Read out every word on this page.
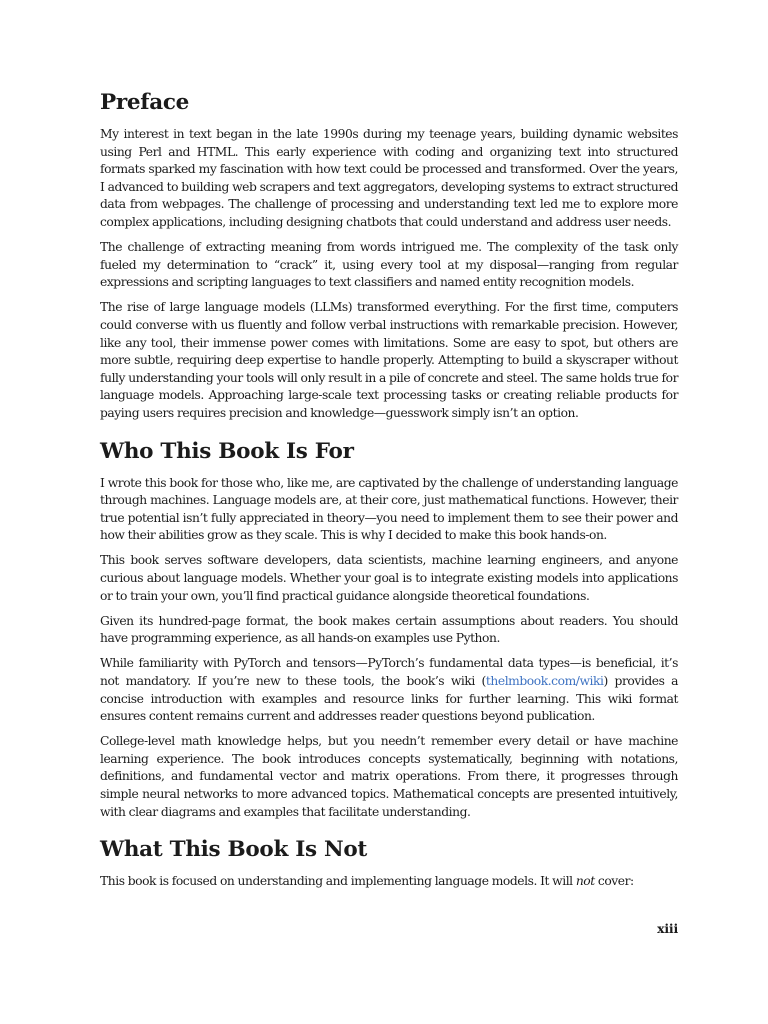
Preface

My interest in text began in the late 1990s during my teenage years, building dynamic websites using Perl and HTML. This early experience with coding and organizing text into structured formats sparked my fascination with how text could be processed and transformed. Over the years, I advanced to building web scrapers and text aggregators, developing systems to extract structured data from webpages. The challenge of processing and understanding text led me to explore more complex applications, including designing chatbots that could understand and address user needs.

The challenge of extracting meaning from words intrigued me. The complexity of the task only fueled my determination to “crack” it, using every tool at my disposal—ranging from regular expressions and scripting languages to text classifiers and named entity recognition models.

The rise of large language models (LLMs) transformed everything. For the first time, computers could converse with us fluently and follow verbal instructions with remarkable precision. However, like any tool, their immense power comes with limitations. Some are easy to spot, but others are more subtle, requiring deep expertise to handle properly. Attempting to build a skyscraper without fully understanding your tools will only result in a pile of concrete and steel. The same holds true for language models. Approaching large-scale text processing tasks or creating reliable products for paying users requires precision and knowledge—guesswork simply isn’t an option.

Who This Book Is For

I wrote this book for those who, like me, are captivated by the challenge of understanding language through machines. Language models are, at their core, just mathematical functions. However, their true potential isn’t fully appreciated in theory—you need to implement them to see their power and how their abilities grow as they scale. This is why I decided to make this book hands-on.

This book serves software developers, data scientists, machine learning engineers, and anyone curious about language models. Whether your goal is to integrate existing models into applications or to train your own, you’ll find practical guidance alongside theoretical foundations.

Given its hundred-page format, the book makes certain assumptions about readers. You should have programming experience, as all hands-on examples use Python.

While familiarity with PyTorch and tensors—PyTorch’s fundamental data types—is beneficial, it’s not mandatory. If you’re new to these tools, the book’s wiki (thelmbook.com/wiki) provides a concise introduction with examples and resource links for further learning. This wiki format ensures content remains current and addresses reader questions beyond publication.

College-level math knowledge helps, but you needn’t remember every detail or have machine learning experience. The book introduces concepts systematically, beginning with notations, definitions, and fundamental vector and matrix operations. From there, it progresses through simple neural networks to more advanced topics. Mathematical concepts are presented intuitively, with clear diagrams and examples that facilitate understanding.

What This Book Is Not

This book is focused on understanding and implementing language models. It will not cover:

xiii
